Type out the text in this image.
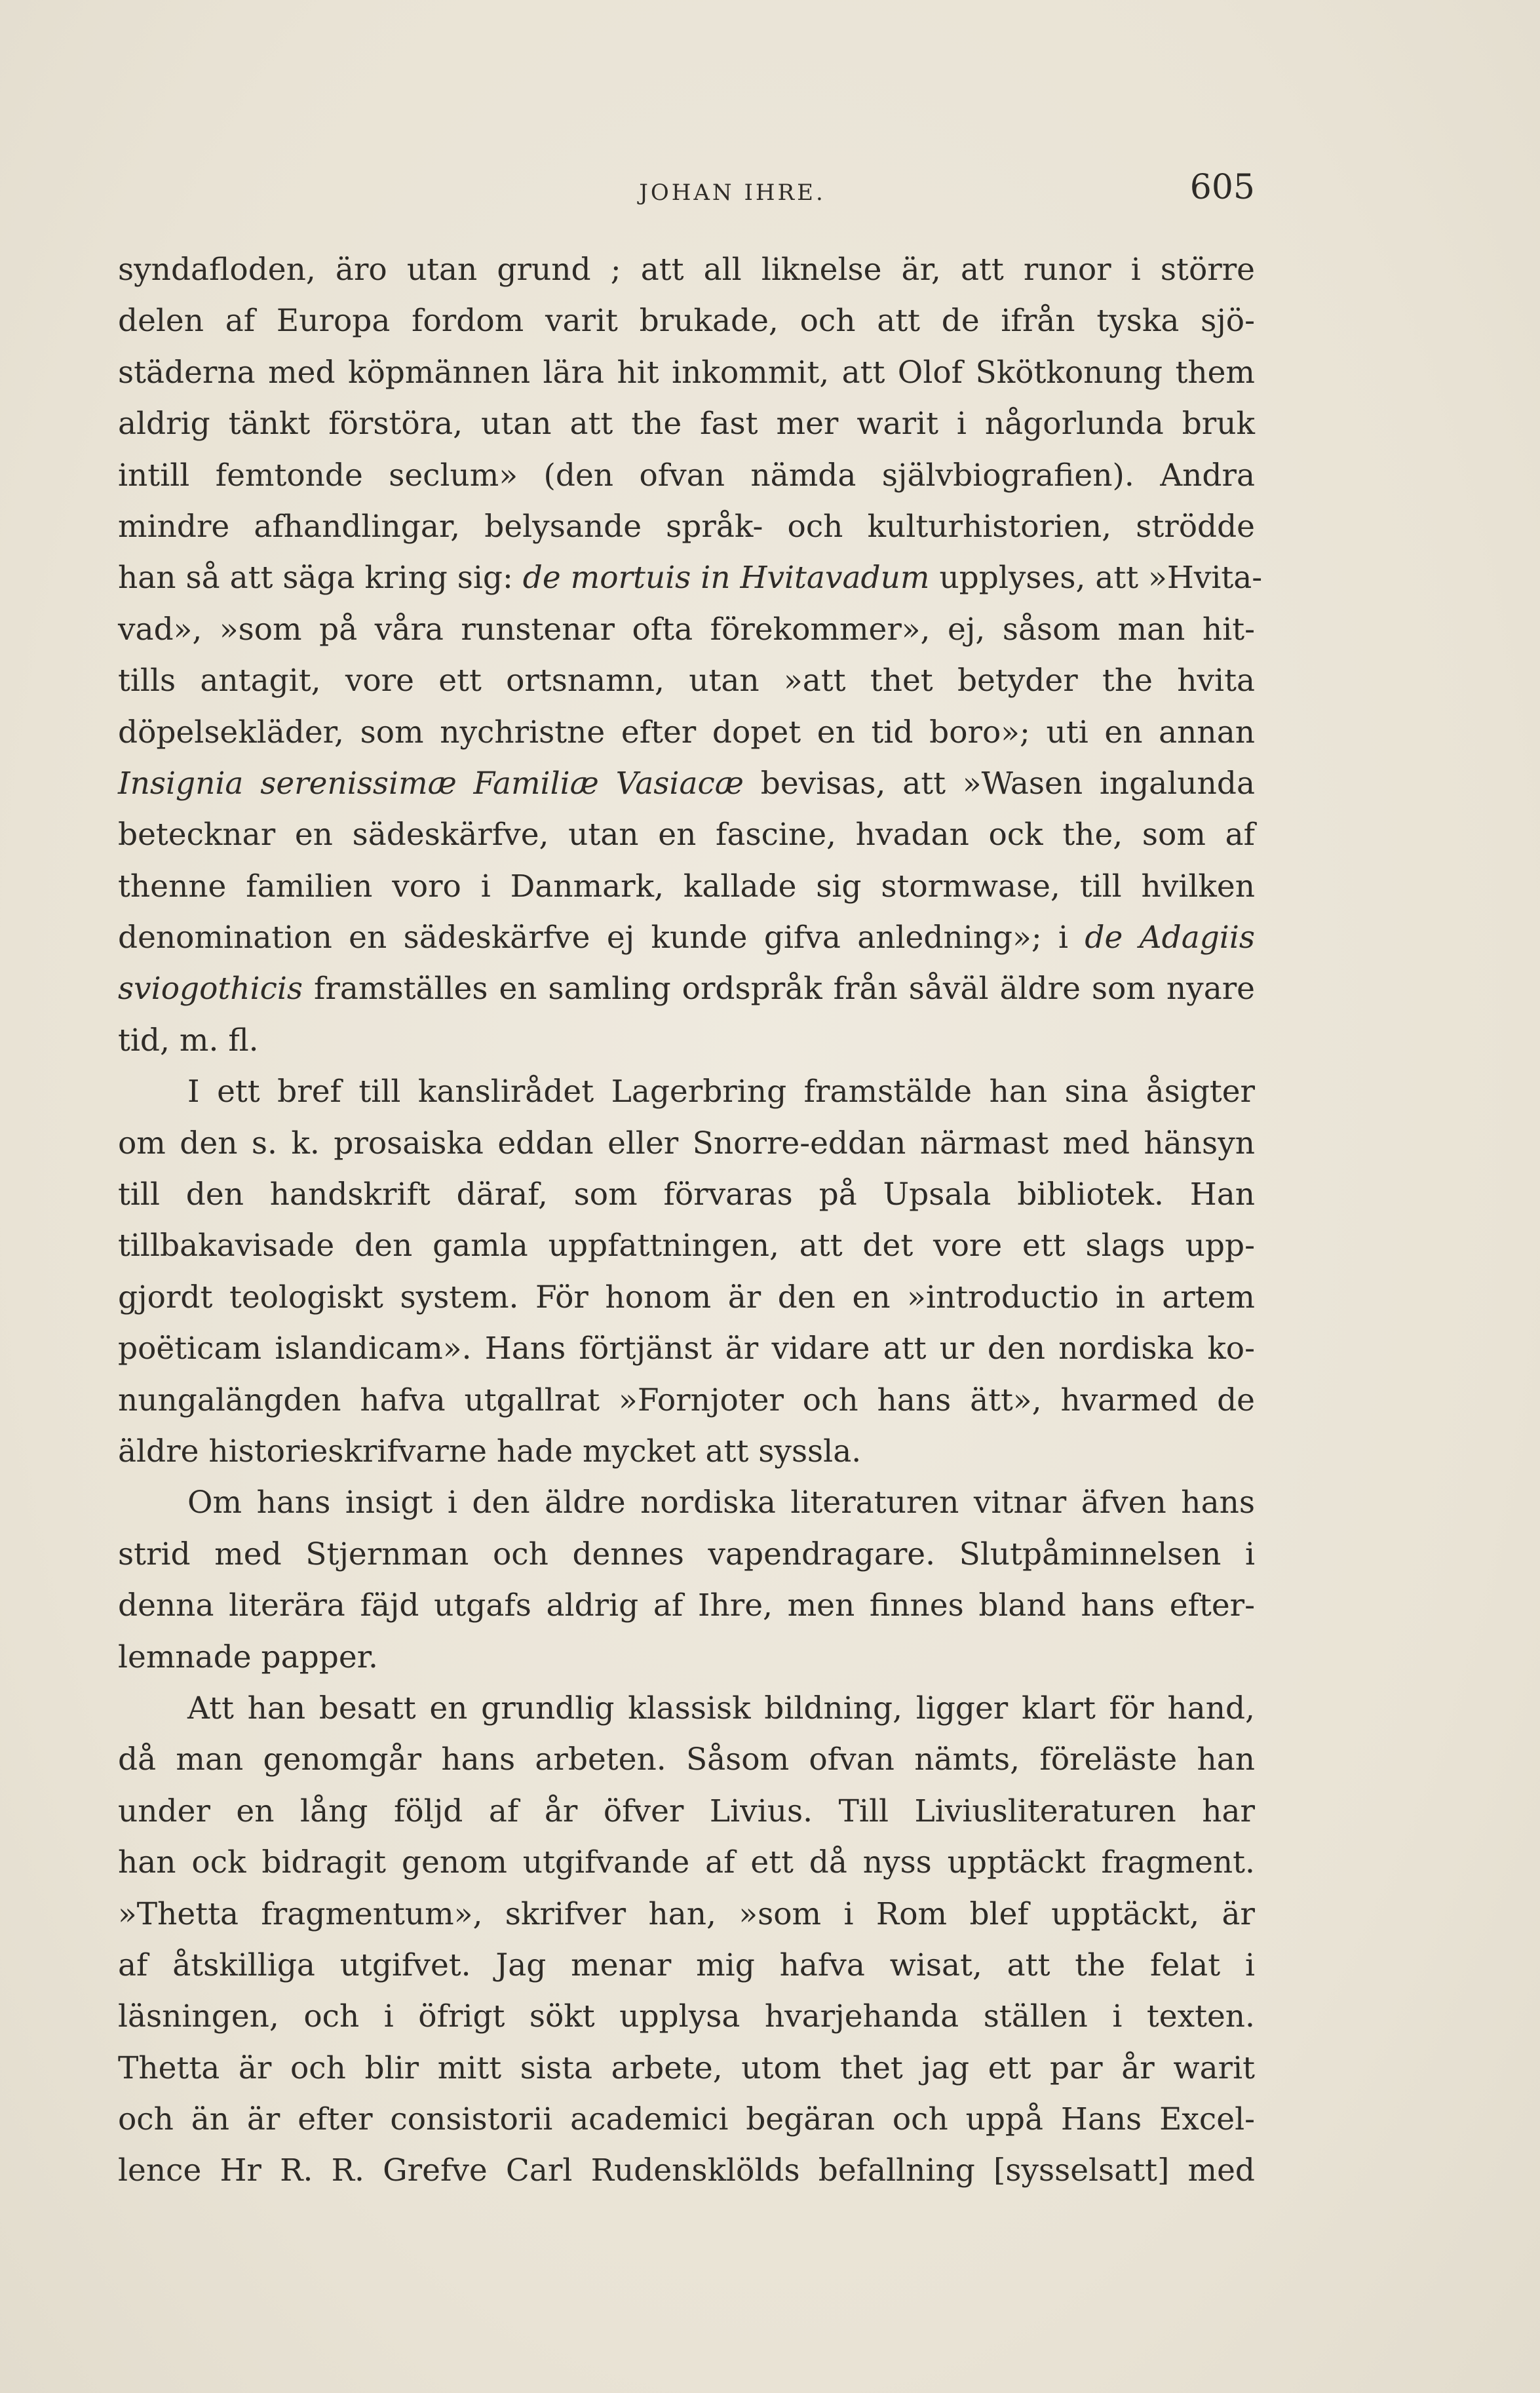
JOHAN IHRE.	605
syndafloden, äro utan grund ; att all liknelse är, att runor i större
delen af Europa fordom varit brukade, och att de ifrån tyska sjö-
städerna med köpmännen lära hit inkommit, att Olof Skötkonung them
aldrig tänkt förstöra, utan att the fast mer warit i någorlunda bruk
intill femtonde seclum» (den ofvan nämda självbiografien). Andra
mindre afhandlingar, belysande språk- och kulturhistorien, strödde
han så att säga kring sig: de mortuis in Hvitavadum upplyses, att »Hvita-
vad», »som på våra runstenar ofta förekommer», ej, såsom man hit-
tills antagit, vore ett ortsnamn, utan »att thet betyder the hvita
döpelsekläder, som nychristne efter dopet en tid boro»; uti en annan
Insignia serenissimæ Familiæ Vasiacæ bevisas, att »Wasen ingalunda
betecknar en sädeskärfve, utan en fascine, hvadan ock the, som af
thenne familien voro i Danmark, kallade sig stormwase, till hvilken
denomination en sädeskärfve ej kunde gifva anledning»; i de Adagiis
sviogothicis framställes en samling ordspråk från såväl äldre som nyare
tid, m. fl.
I ett bref till kanslirådet Lagerbring framstälde han sina åsigter
om den s. k. prosaiska eddan eller Snorre-eddan närmast med hänsyn
till den handskrift däraf, som förvaras på Upsala bibliotek. Han
tillbakavisade den gamla uppfattningen, att det vore ett slags upp-
gjordt teologiskt system. För honom är den en »introductio in artem
poëticam islandicam». Hans förtjänst är vidare att ur den nordiska ko-
nungalängden hafva utgallrat »Fornjoter och hans ätt», hvarmed de
äldre historieskrifvarne hade mycket att syssla.
Om hans insigt i den äldre nordiska literaturen vitnar äfven hans
strid med Stjernman och dennes vapendragare. Slutpåminnelsen i
denna literära fäjd utgafs aldrig af Ihre, men finnes bland hans efter-
lemnade papper.
Att han besatt en grundlig klassisk bildning, ligger klart för hand,
då man genomgår hans arbeten. Såsom ofvan nämts, föreläste han
under en lång följd af år öfver Livius. Till Liviusliteraturen har
han ock bidragit genom utgifvande af ett då nyss upptäckt fragment.
»Thetta fragmentum», skrifver han, »som i Rom blef upptäckt, är
af åtskilliga utgifvet. Jag menar mig hafva wisat, att the felat i
läsningen, och i öfrigt sökt upplysa hvarjehanda ställen i texten.
Thetta är och blir mitt sista arbete, utom thet jag ett par år warit
och än är efter consistorii academici begäran och uppå Hans Excel-
lence Hr R. R. Grefve Carl Rudensklölds befallning [sysselsatt] med
